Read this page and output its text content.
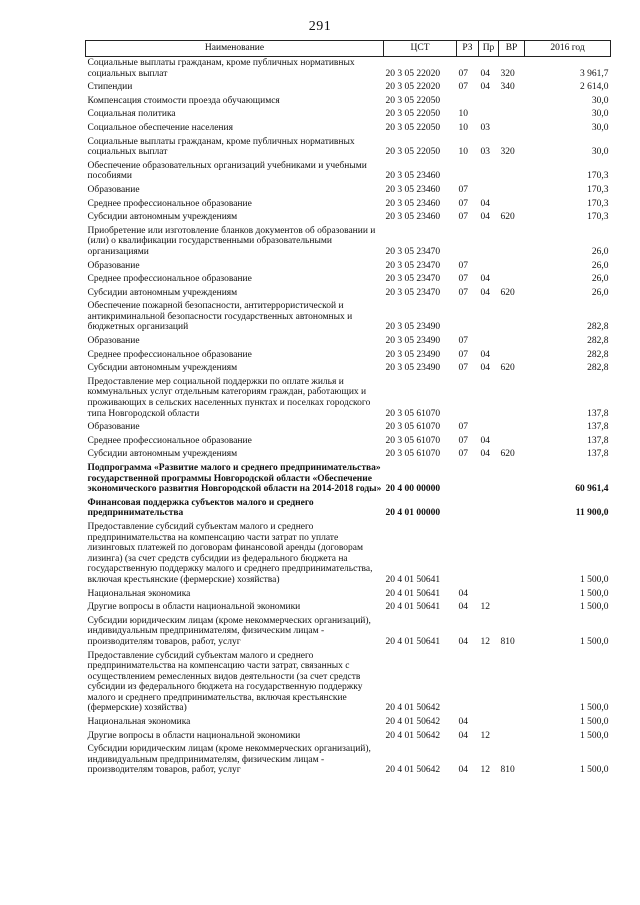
291
Наименование	ЦСТ	РЗ	Пр	ВР	2016 год
Социальные выплаты гражданам, кроме публичных нормативных социальных выплат	20 3 05 22020	07	04	320	3 961,7
Стипендии	20 3 05 22020	07	04	340	2 614,0
Компенсация стоимости проезда обучающимся	20 3 05 22050				30,0
Социальная политика	20 3 05 22050	10			30,0
Социальное обеспечение населения	20 3 05 22050	10	03		30,0
Социальные выплаты гражданам, кроме публичных нормативных социальных выплат	20 3 05 22050	10	03	320	30,0
Обеспечение образовательных организаций учебниками и учебными пособиями	20 3 05 23460				170,3
Образование	20 3 05 23460	07			170,3
Среднее профессиональное образование	20 3 05 23460	07	04		170,3
Субсидии автономным учреждениям	20 3 05 23460	07	04	620	170,3
Приобретение или изготовление бланков документов об образовании и (или) о квалификации государственными образовательными организациями	20 3 05 23470				26,0
Образование	20 3 05 23470	07			26,0
Среднее профессиональное образование	20 3 05 23470	07	04		26,0
Субсидии автономным учреждениям	20 3 05 23470	07	04	620	26,0
Обеспечение пожарной безопасности, антитеррористической и антикриминальной безопасности государственных автономных и бюджетных организаций	20 3 05 23490				282,8
Образование	20 3 05 23490	07			282,8
Среднее профессиональное образование	20 3 05 23490	07	04		282,8
Субсидии автономным учреждениям	20 3 05 23490	07	04	620	282,8
Предоставление мер социальной поддержки по оплате жилья и коммунальных услуг отдельным категориям граждан, работающих и проживающих в сельских населенных пунктах и поселках городского типа Новгородской области	20 3 05 61070				137,8
Образование	20 3 05 61070	07			137,8
Среднее профессиональное образование	20 3 05 61070	07	04		137,8
Субсидии автономным учреждениям	20 3 05 61070	07	04	620	137,8
Подпрограмма «Развитие малого и среднего предпринимательства» государственной программы Новгородской области «Обеспечение экономического развития Новгородской области на 2014-2018 годы»	20 4 00 00000				60 961,4
Финансовая поддержка субъектов малого и среднего предпринимательства	20 4 01 00000				11 900,0
Предоставление субсидий субъектам малого и среднего предпринимательства на компенсацию части затрат по уплате лизинговых платежей по договорам финансовой аренды (договорам лизинга) (за счет средств субсидии из федерального бюджета на государственную поддержку малого и среднего предпринимательства, включая крестьянские (фермерские) хозяйства)	20 4 01 50641				1 500,0
Национальная экономика	20 4 01 50641	04			1 500,0
Другие вопросы в области национальной экономики	20 4 01 50641	04	12		1 500,0
Субсидии юридическим лицам (кроме некоммерческих организаций), индивидуальным предпринимателям, физическим лицам - производителям товаров, работ, услуг	20 4 01 50641	04	12	810	1 500,0
Предоставление субсидий субъектам малого и среднего предпринимательства на компенсацию части затрат, связанных с осуществлением ремесленных видов деятельности (за счет средств субсидии из федерального бюджета на государственную поддержку малого и среднего предпринимательства, включая крестьянские (фермерские) хозяйства)	20 4 01 50642				1 500,0
Национальная экономика	20 4 01 50642	04			1 500,0
Другие вопросы в области национальной экономики	20 4 01 50642	04	12		1 500,0
Субсидии юридическим лицам (кроме некоммерческих организаций), индивидуальным предпринимателям, физическим лицам - производителям товаров, работ, услуг	20 4 01 50642	04	12	810	1 500,0
